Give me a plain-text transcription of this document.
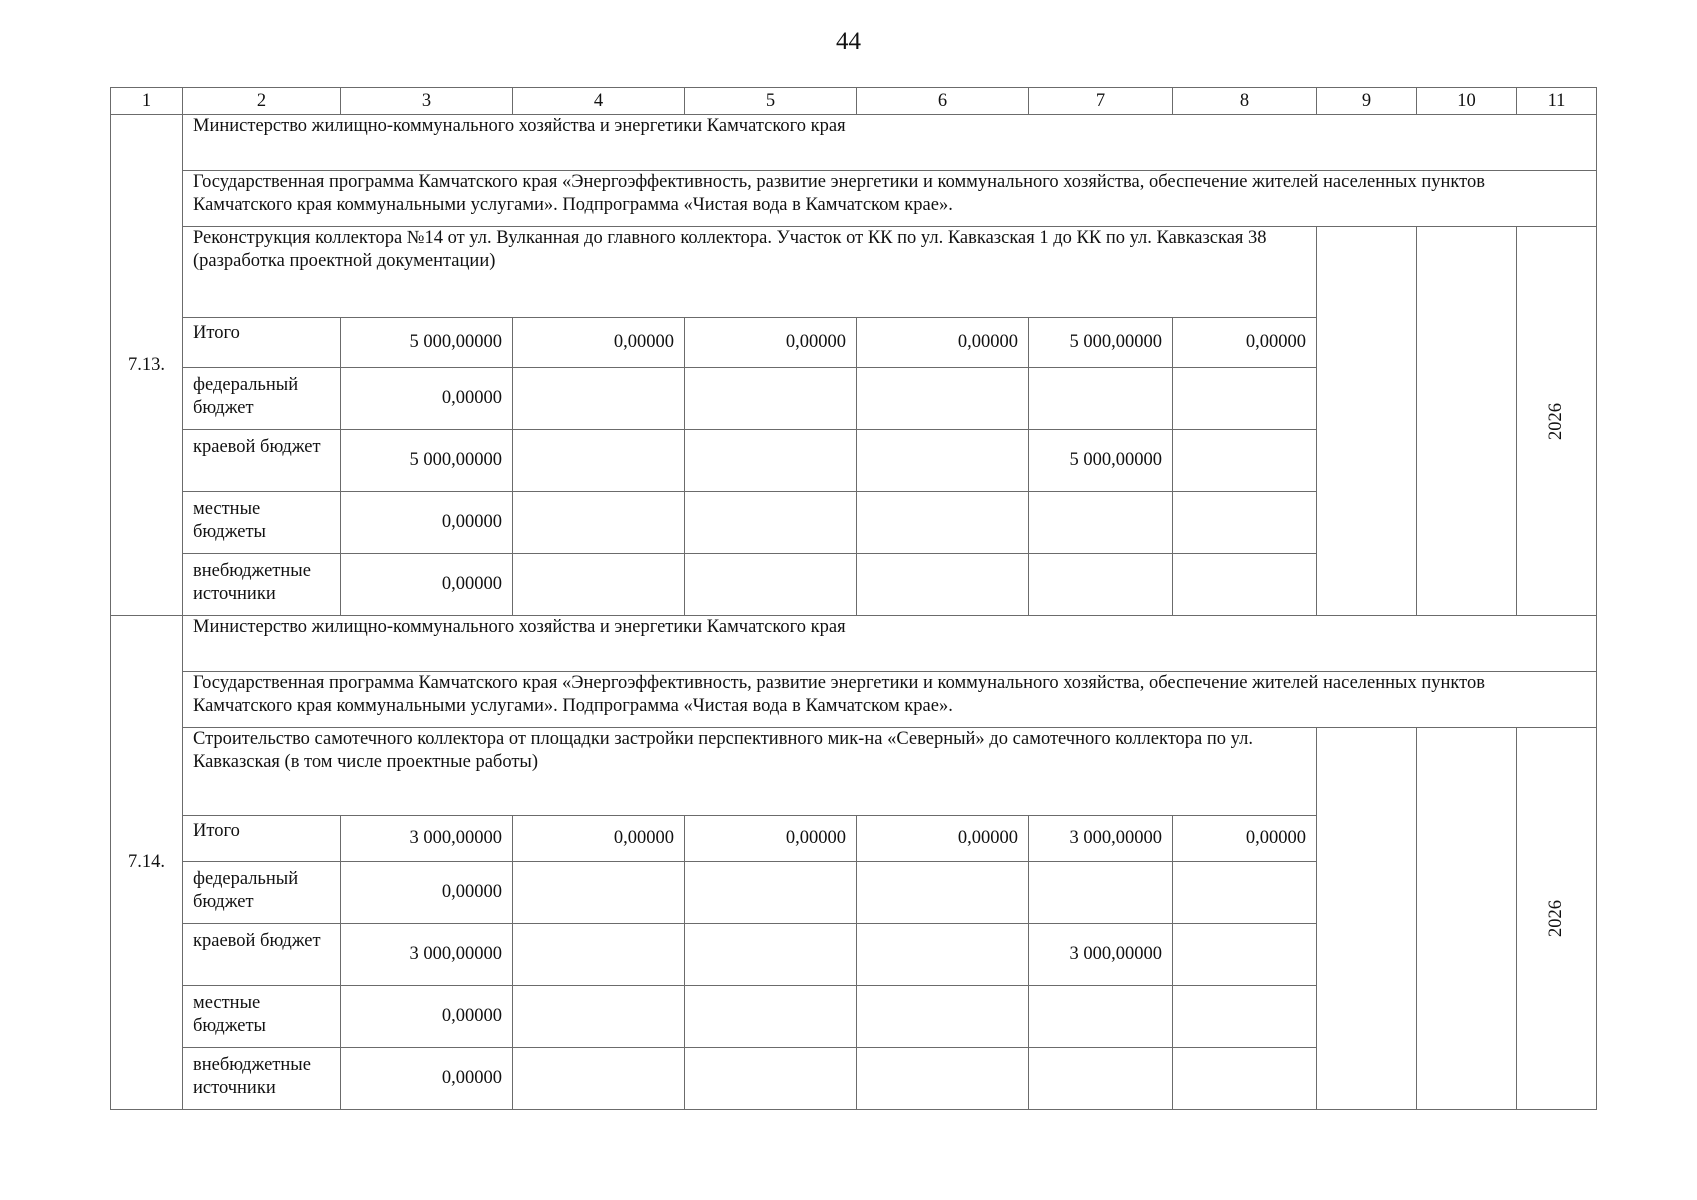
44
1	2	3	4	5	6	7	8	9	10	11
7.13.	Министерство жилищно-коммунального хозяйства и энергетики Камчатского края									
	Государственная программа Камчатского края «Энергоэффективность, развитие энергетики и коммунального хозяйства, обеспечение жителей населенных пунктов Камчатского края коммунальными услугами». Подпрограмма «Чистая вода в Камчатском крае».									
	Реконструкция коллектора №14 от ул. Вулканная до главного коллектора. Участок от КК по ул. Кавказская 1 до КК по ул. Кавказская 38 (разработка проектной документации)									2026
	Итого	5 000,00000	0,00000	0,00000	0,00000	5 000,00000	0,00000			
	федеральный бюджет	0,00000								
	краевой бюджет	5 000,00000				5 000,00000				
	местные бюджеты	0,00000								
	внебюджетные источники	0,00000								
7.14.	Министерство жилищно-коммунального хозяйства и энергетики Камчатского края									
	Государственная программа Камчатского края «Энергоэффективность, развитие энергетики и коммунального хозяйства, обеспечение жителей населенных пунктов Камчатского края коммунальными услугами». Подпрограмма «Чистая вода в Камчатском крае».									
	Строительство самотечного коллектора от площадки застройки перспективного мик-на «Северный» до самотечного коллектора по ул. Кавказская (в том числе проектные работы)									2026
	Итого	3 000,00000	0,00000	0,00000	0,00000	3 000,00000	0,00000			
	федеральный бюджет	0,00000								
	краевой бюджет	3 000,00000				3 000,00000				
	местные бюджеты	0,00000								
	внебюджетные источники	0,00000								
